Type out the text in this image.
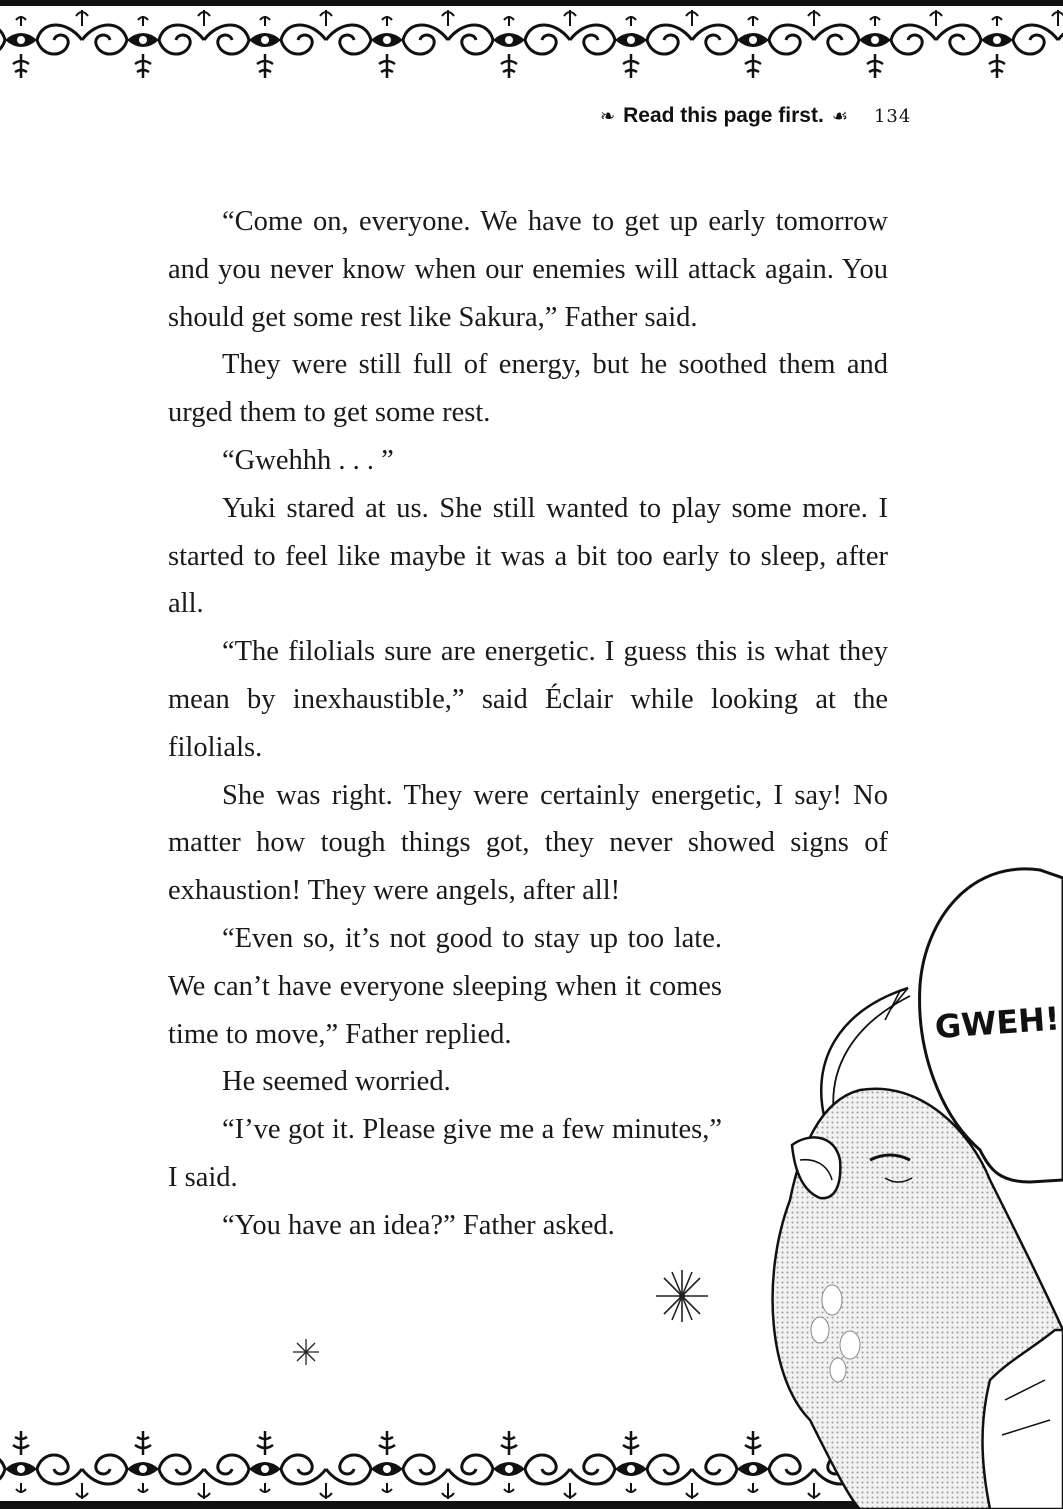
❧ Read this page first. ☙ 134

“Come on, everyone. We have to get up early tomorrow and you never know when our enemies will attack again. You should get some rest like Sakura,” Father said.

They were still full of energy, but he soothed them and urged them to get some rest.

“Gwehhh . . . ”

Yuki stared at us. She still wanted to play some more. I started to feel like maybe it was a bit too early to sleep, after all.

“The filolials sure are energetic. I guess this is what they mean by inexhaustible,” said Éclair while looking at the filolials.

She was right. They were certainly energetic, I say! No matter how tough things got, they never showed signs of exhaustion! They were angels, after all!

“Even so, it’s not good to stay up too late. We can’t have everyone sleeping when it comes time to move,” Father replied.

He seemed worried.

“I’ve got it. Please give me a few minutes,” I said.

“You have an idea?” Father asked.

GWEH!
